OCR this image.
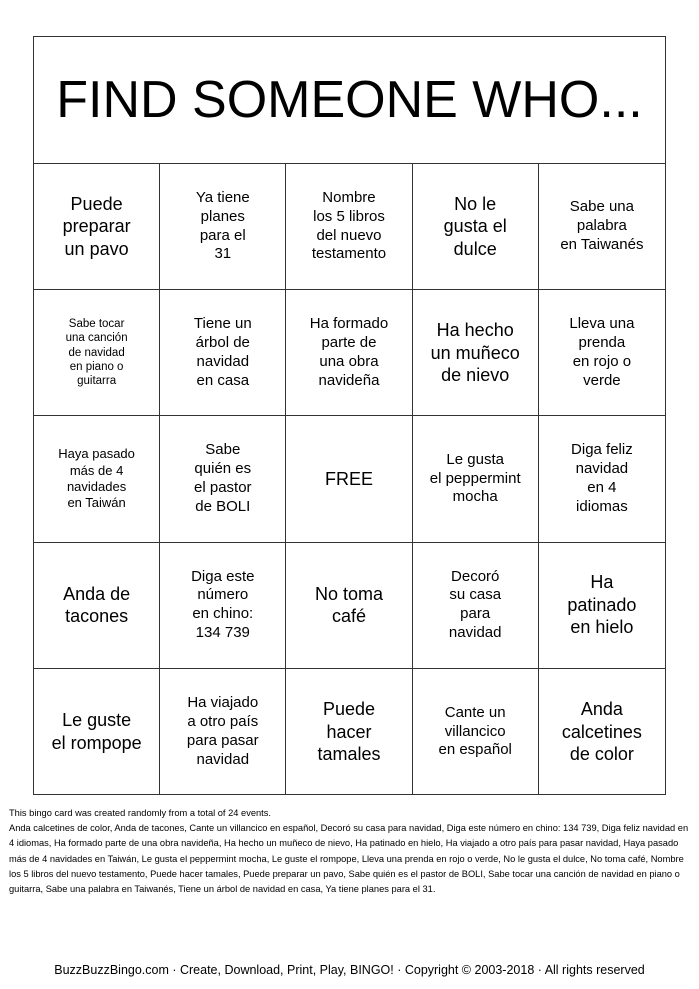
FIND SOMEONE WHO...
Puede
preparar
un pavo
Ya tiene
planes
para el
31
Nombre
los 5 libros
del nuevo
testamento
No le
gusta el
dulce
Sabe una
palabra
en Taiwanés
Sabe tocar
una canción
de navidad
en piano o
guitarra
Tiene un
árbol de
navidad
en casa
Ha formado
parte de
una obra
navideña
Ha hecho
un muñeco
de nievo
Lleva una
prenda
en rojo o
verde
Haya pasado
más de 4
navidades
en Taiwán
Sabe
quién es
el pastor
de BOLI
FREE
Le gusta
el peppermint
mocha
Diga feliz
navidad
en 4
idiomas
Anda de
tacones
Diga este
número
en chino:
134 739
No toma
café
Decoró
su casa
para
navidad
Ha
patinado
en hielo
Le guste
el rompope
Ha viajado
a otro país
para pasar
navidad
Puede
hacer
tamales
Cante un
villancico
en español
Anda
calcetines
de color
This bingo card was created randomly from a total of 24 events.
Anda calcetines de color, Anda de tacones, Cante un villancico en español, Decoró su casa para navidad, Diga este número en chino: 134 739, Diga feliz navidad en 4 idiomas, Ha formado parte de una obra navideña, Ha hecho un muñeco de nievo, Ha patinado en hielo, Ha viajado a otro país para pasar navidad, Haya pasado más de 4 navidades en Taiwán, Le gusta el peppermint mocha, Le guste el rompope, Lleva una prenda en rojo o verde, No le gusta el dulce, No toma café, Nombre los 5 libros del nuevo testamento, Puede hacer tamales, Puede preparar un pavo, Sabe quién es el pastor de BOLI, Sabe tocar una canción de navidad en piano o guitarra, Sabe una palabra en Taiwanés, Tiene un árbol de navidad en casa, Ya tiene planes para el 31.
BuzzBuzzBingo.com · Create, Download, Print, Play, BINGO! · Copyright © 2003-2018 · All rights reserved
